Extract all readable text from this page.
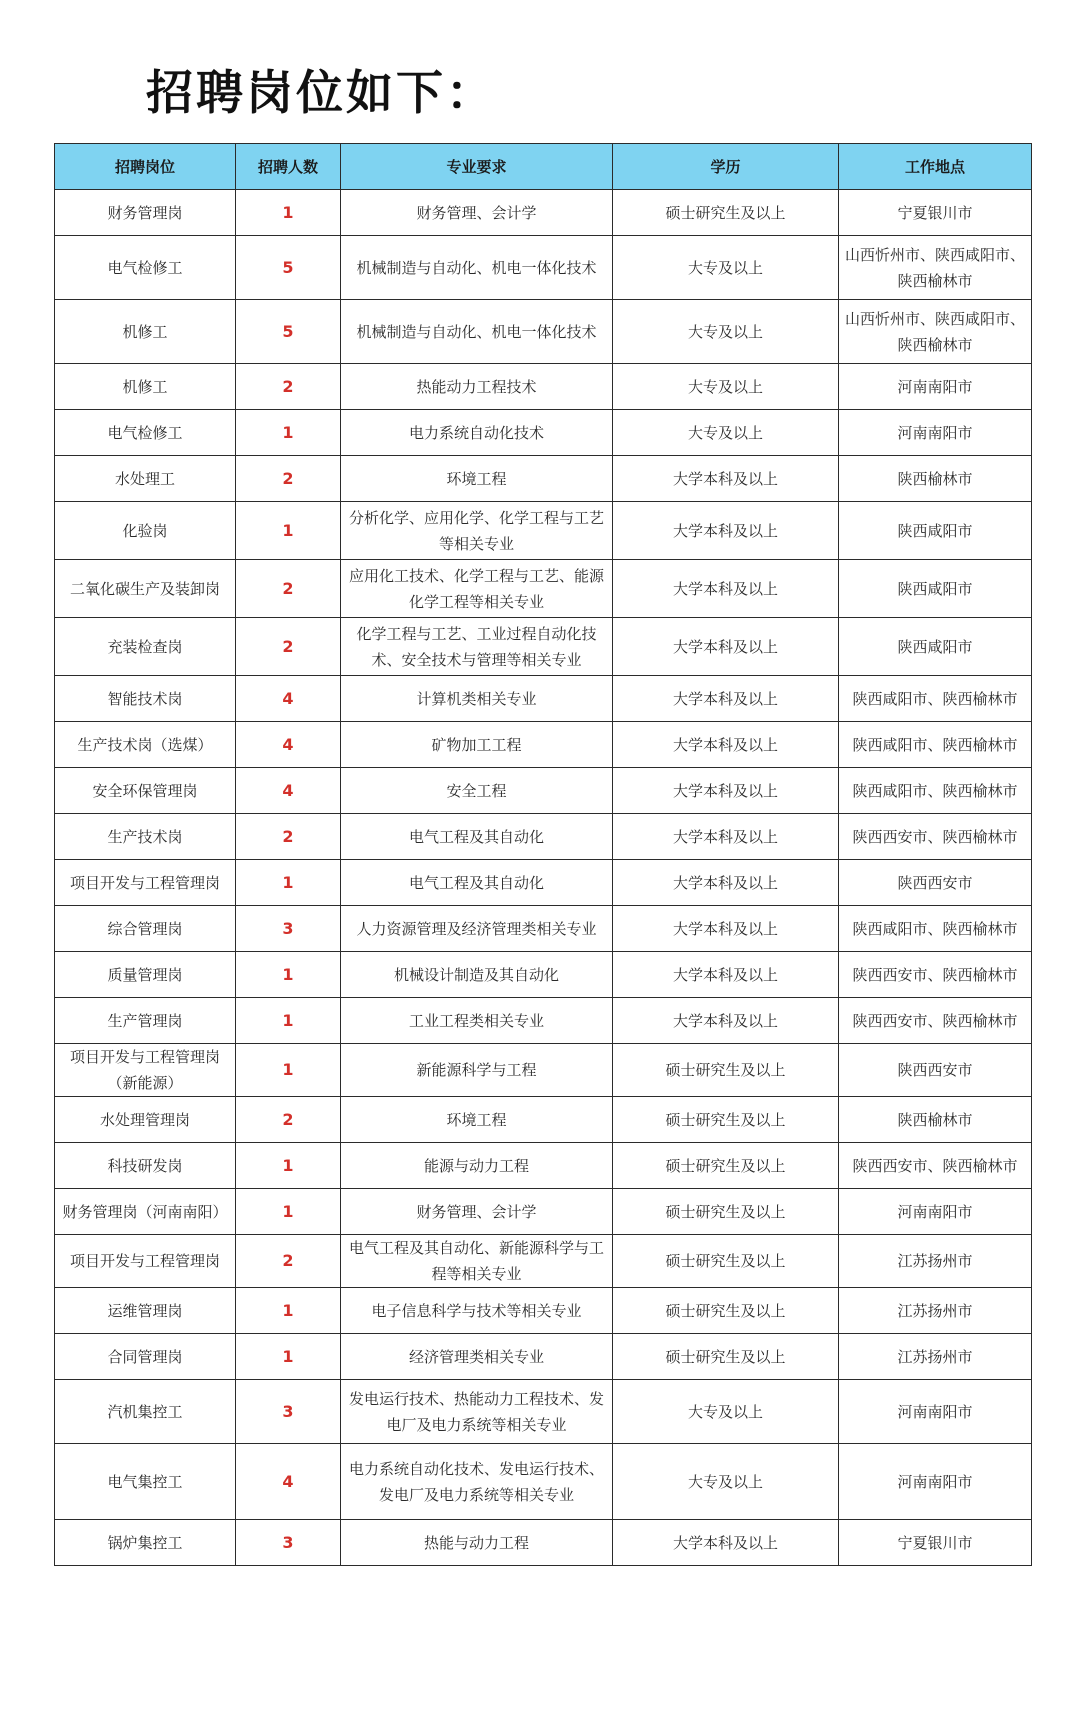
招聘岗位如下：
招聘岗位	招聘人数	专业要求	学历	工作地点
财务管理岗	1	财务管理、会计学	硕士研究生及以上	宁夏银川市
电气检修工	5	机械制造与自动化、机电一体化技术	大专及以上	山西忻州市、陕西咸阳市、陕西榆林市
机修工	5	机械制造与自动化、机电一体化技术	大专及以上	山西忻州市、陕西咸阳市、陕西榆林市
机修工	2	热能动力工程技术	大专及以上	河南南阳市
电气检修工	1	电力系统自动化技术	大专及以上	河南南阳市
水处理工	2	环境工程	大学本科及以上	陕西榆林市
化验岗	1	分析化学、应用化学、化学工程与工艺等相关专业	大学本科及以上	陕西咸阳市
二氧化碳生产及装卸岗	2	应用化工技术、化学工程与工艺、能源化学工程等相关专业	大学本科及以上	陕西咸阳市
充装检查岗	2	化学工程与工艺、工业过程自动化技术、安全技术与管理等相关专业	大学本科及以上	陕西咸阳市
智能技术岗	4	计算机类相关专业	大学本科及以上	陕西咸阳市、陕西榆林市
生产技术岗（选煤）	4	矿物加工工程	大学本科及以上	陕西咸阳市、陕西榆林市
安全环保管理岗	4	安全工程	大学本科及以上	陕西咸阳市、陕西榆林市
生产技术岗	2	电气工程及其自动化	大学本科及以上	陕西西安市、陕西榆林市
项目开发与工程管理岗	1	电气工程及其自动化	大学本科及以上	陕西西安市
综合管理岗	3	人力资源管理及经济管理类相关专业	大学本科及以上	陕西咸阳市、陕西榆林市
质量管理岗	1	机械设计制造及其自动化	大学本科及以上	陕西西安市、陕西榆林市
生产管理岗	1	工业工程类相关专业	大学本科及以上	陕西西安市、陕西榆林市
项目开发与工程管理岗（新能源）	1	新能源科学与工程	硕士研究生及以上	陕西西安市
水处理管理岗	2	环境工程	硕士研究生及以上	陕西榆林市
科技研发岗	1	能源与动力工程	硕士研究生及以上	陕西西安市、陕西榆林市
财务管理岗（河南南阳）	1	财务管理、会计学	硕士研究生及以上	河南南阳市
项目开发与工程管理岗	2	电气工程及其自动化、新能源科学与工程等相关专业	硕士研究生及以上	江苏扬州市
运维管理岗	1	电子信息科学与技术等相关专业	硕士研究生及以上	江苏扬州市
合同管理岗	1	经济管理类相关专业	硕士研究生及以上	江苏扬州市
汽机集控工	3	发电运行技术、热能动力工程技术、发电厂及电力系统等相关专业	大专及以上	河南南阳市
电气集控工	4	电力系统自动化技术、发电运行技术、发电厂及电力系统等相关专业	大专及以上	河南南阳市
锅炉集控工	3	热能与动力工程	大学本科及以上	宁夏银川市
